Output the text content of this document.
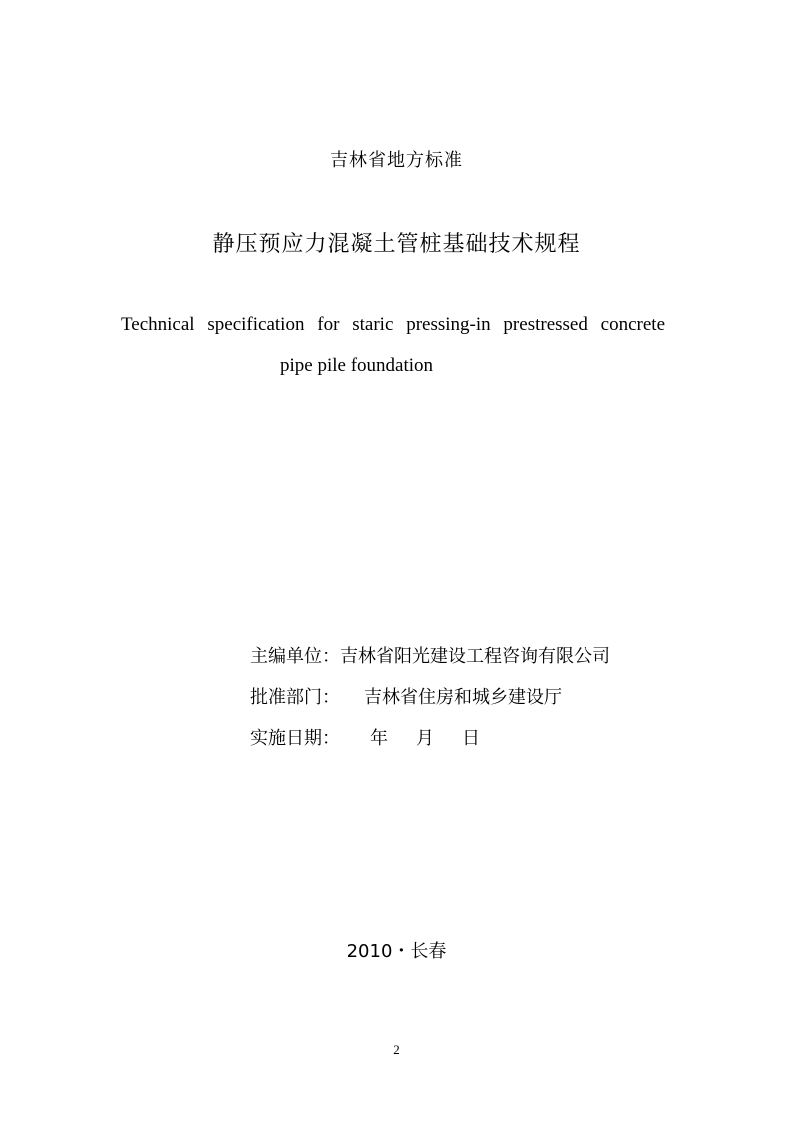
吉林省地方标准
静压预应力混凝土管桩基础技术规程
Technical specification for staric pressing-in prestressed concrete
pipe pile foundation
主编单位：吉林省阳光建设工程咨询有限公司
批准部门： 吉林省住房和城乡建设厅
实施日期： 年 月 日
2010・长春
2
